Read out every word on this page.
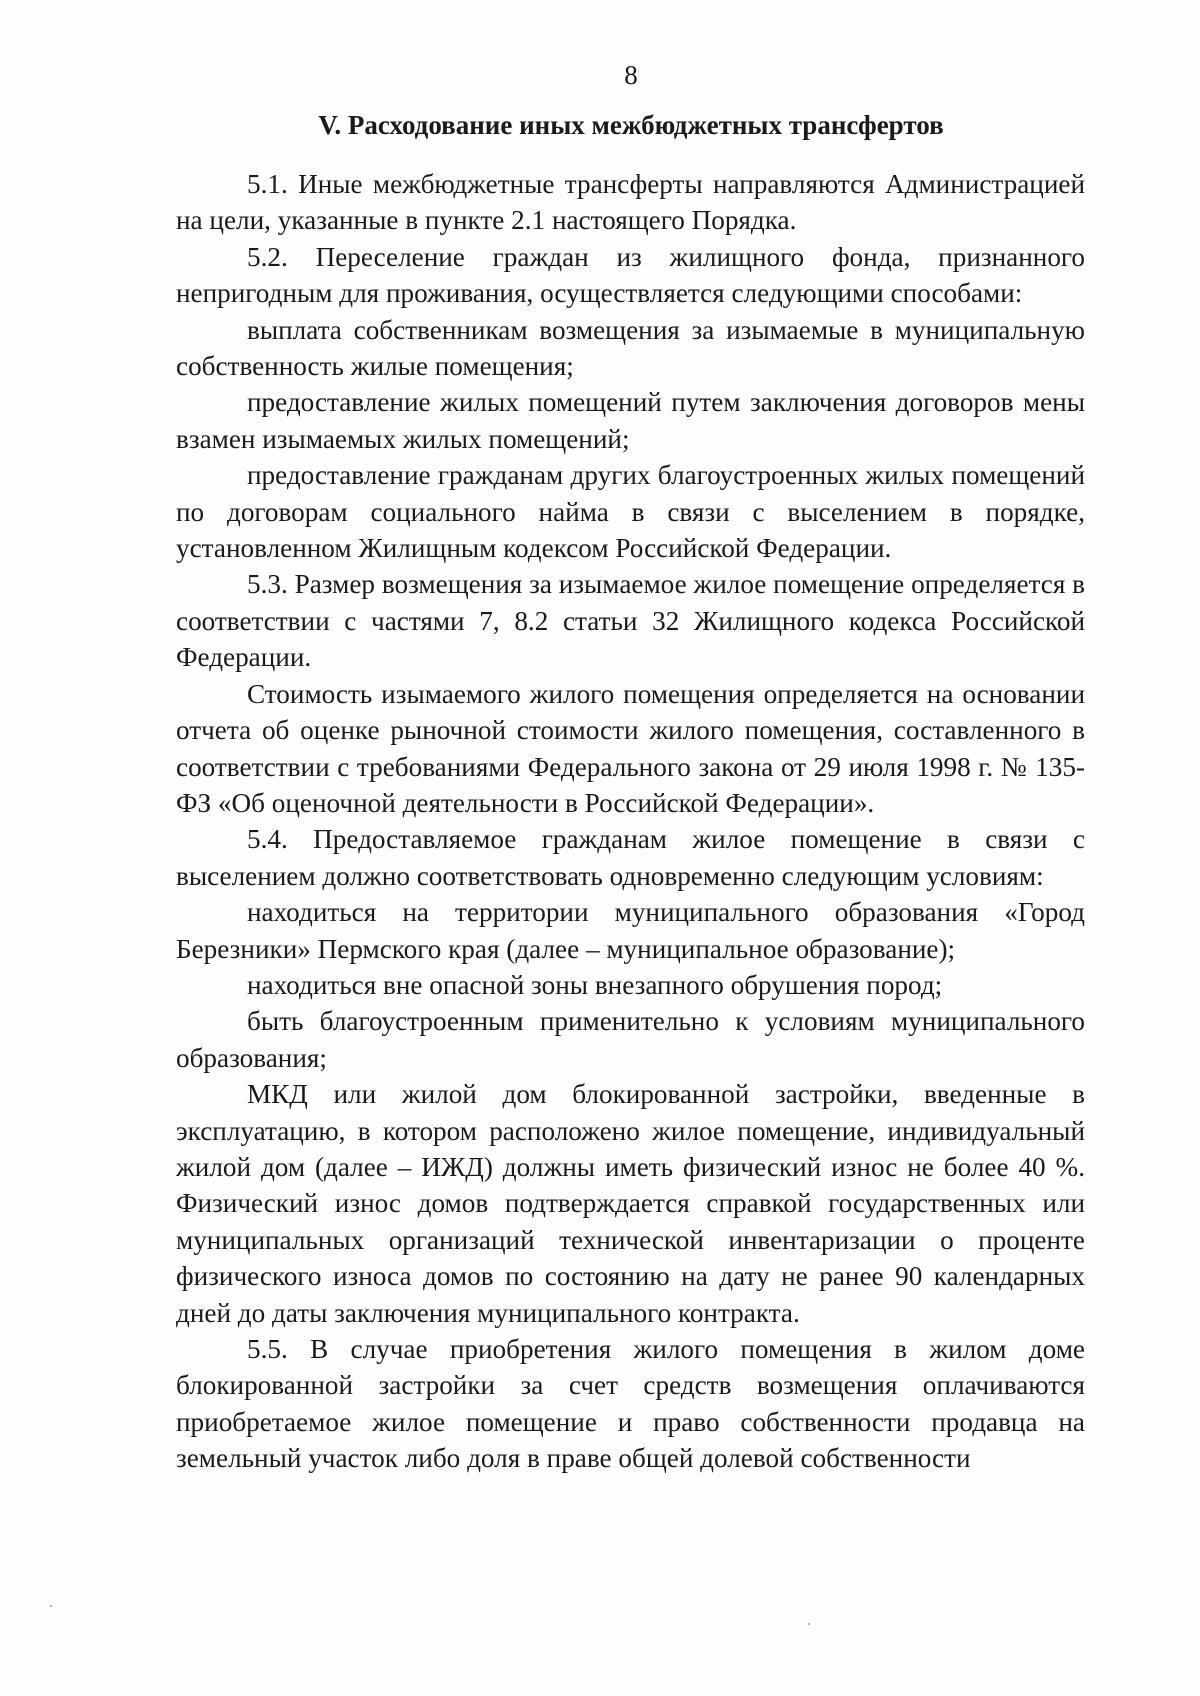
8
V. Расходование иных межбюджетных трансфертов

5.1. Иные межбюджетные трансферты направляются Администрацией на цели, указанные в пункте 2.1 настоящего Порядка.

5.2. Переселение граждан из жилищного фонда, признанного непригодным для проживания, осуществляется следующими способами:

выплата собственникам возмещения за изымаемые в муниципальную собственность жилые помещения;

предоставление жилых помещений путем заключения договоров мены взамен изымаемых жилых помещений;

предоставление гражданам других благоустроенных жилых помещений по договорам социального найма в связи с выселением в порядке, установленном Жилищным кодексом Российской Федерации.

5.3. Размер возмещения за изымаемое жилое помещение определяется в соответствии с частями 7, 8.2 статьи 32 Жилищного кодекса Российской Федерации.

Стоимость изымаемого жилого помещения определяется на основании отчета об оценке рыночной стоимости жилого помещения, составленного в соответствии с требованиями Федерального закона от 29 июля 1998 г. № 135-ФЗ «Об оценочной деятельности в Российской Федерации».

5.4. Предоставляемое гражданам жилое помещение в связи с выселением должно соответствовать одновременно следующим условиям:

находиться на территории муниципального образования «Город Березники» Пермского края (далее – муниципальное образование);

находиться вне опасной зоны внезапного обрушения пород;

быть благоустроенным применительно к условиям муниципального образования;

МКД или жилой дом блокированной застройки, введенные в эксплуатацию, в котором расположено жилое помещение, индивидуальный жилой дом (далее – ИЖД) должны иметь физический износ не более 40 %. Физический износ домов подтверждается справкой государственных или муниципальных организаций технической инвентаризации о проценте физического износа домов по состоянию на дату не ранее 90 календарных дней до даты заключения муниципального контракта.

5.5. В случае приобретения жилого помещения в жилом доме блокированной застройки за счет средств возмещения оплачиваются приобретаемое жилое помещение и право собственности продавца на земельный участок либо доля в праве общей долевой собственности
